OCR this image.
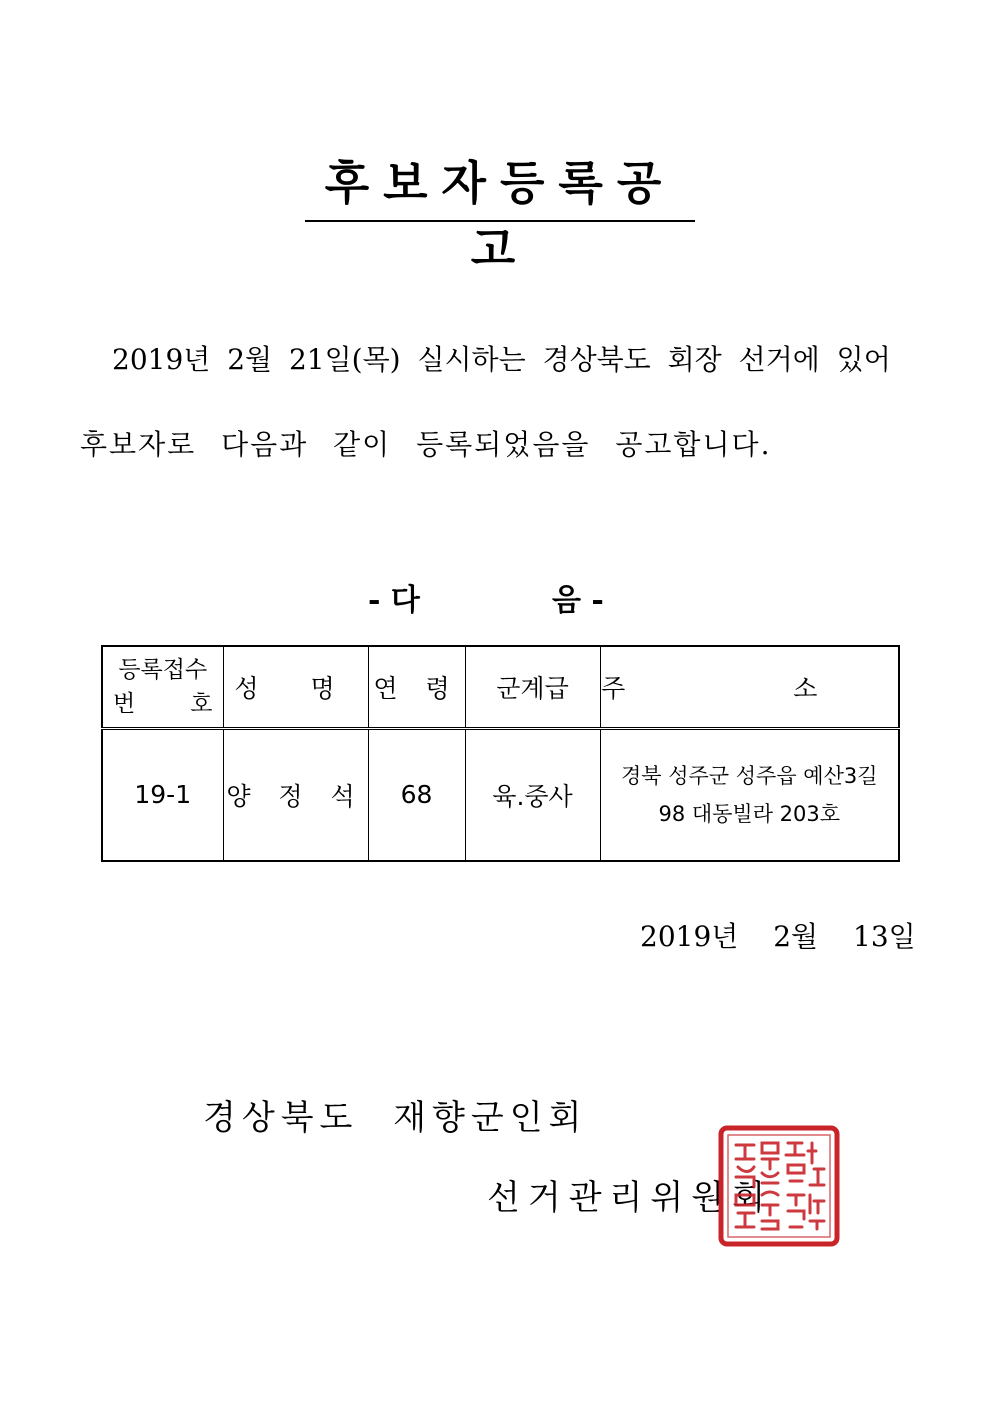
후보자등록공고
2019년 2월 21일(목) 실시하는 경상북도 회장 선거에 있어
후보자로 다음과 같이 등록되었음을 공고합니다.
- 다	음 -
등록접수
번 호	성 명	연 령	군계급	주 소
19-1	양 정 석	68	육.중사	경북 성주군 성주읍 예산3길
98 대동빌라 203호
2019년 2월 13일
경상북도 재향군인회
선거관리위원회
